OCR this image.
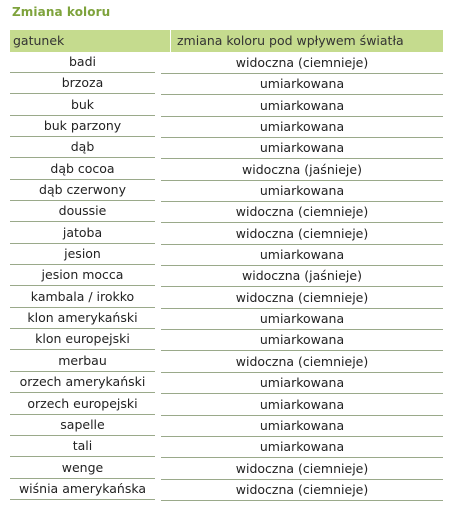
Zmiana koloru
gatunek	zmiana koloru pod wpływem światła
badi	widoczna (ciemnieje)
brzoza	umiarkowana
buk	umiarkowana
buk parzony	umiarkowana
dąb	umiarkowana
dąb cocoa	widoczna (jaśnieje)
dąb czerwony	umiarkowana
doussie	widoczna (ciemnieje)
jatoba	widoczna (ciemnieje)
jesion	umiarkowana
jesion mocca	widoczna (jaśnieje)
kambala / irokko	widoczna (ciemnieje)
klon amerykański	umiarkowana
klon europejski	umiarkowana
merbau	widoczna (ciemnieje)
orzech amerykański	umiarkowana
orzech europejski	umiarkowana
sapelle	umiarkowana
tali	umiarkowana
wenge	widoczna (ciemnieje)
wiśnia amerykańska	widoczna (ciemnieje)
